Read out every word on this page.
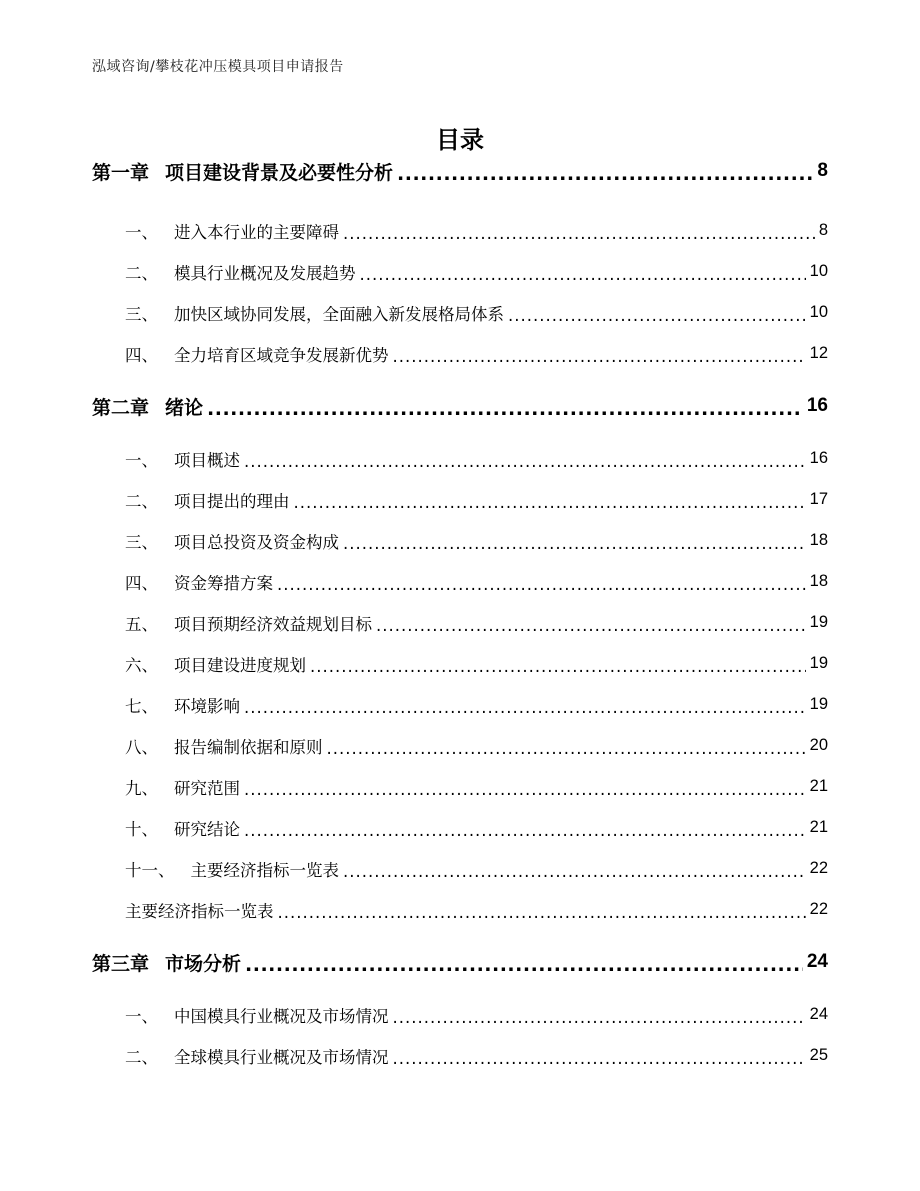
泓域咨询/攀枝花冲压模具项目申请报告
目录
第一章 项目建设背景及必要性分析 .....	8
一、 进入本行业的主要障碍 .....	8
二、 模具行业概况及发展趋势 .....	10
三、 加快区域协同发展，全面融入新发展格局体系 .....	10
四、 全力培育区域竞争发展新优势 .....	12
第二章 绪论 .....	16
一、 项目概述 .....	16
二、 项目提出的理由 .....	17
三、 项目总投资及资金构成 .....	18
四、 资金筹措方案 .....	18
五、 项目预期经济效益规划目标 .....	19
六、 项目建设进度规划 .....	19
七、 环境影响 .....	19
八、 报告编制依据和原则 .....	20
九、 研究范围 .....	21
十、 研究结论 .....	21
十一、 主要经济指标一览表 .....	22
主要经济指标一览表 .....	22
第三章 市场分析 .....	24
一、 中国模具行业概况及市场情况 .....	24
二、 全球模具行业概况及市场情况 .....	25
